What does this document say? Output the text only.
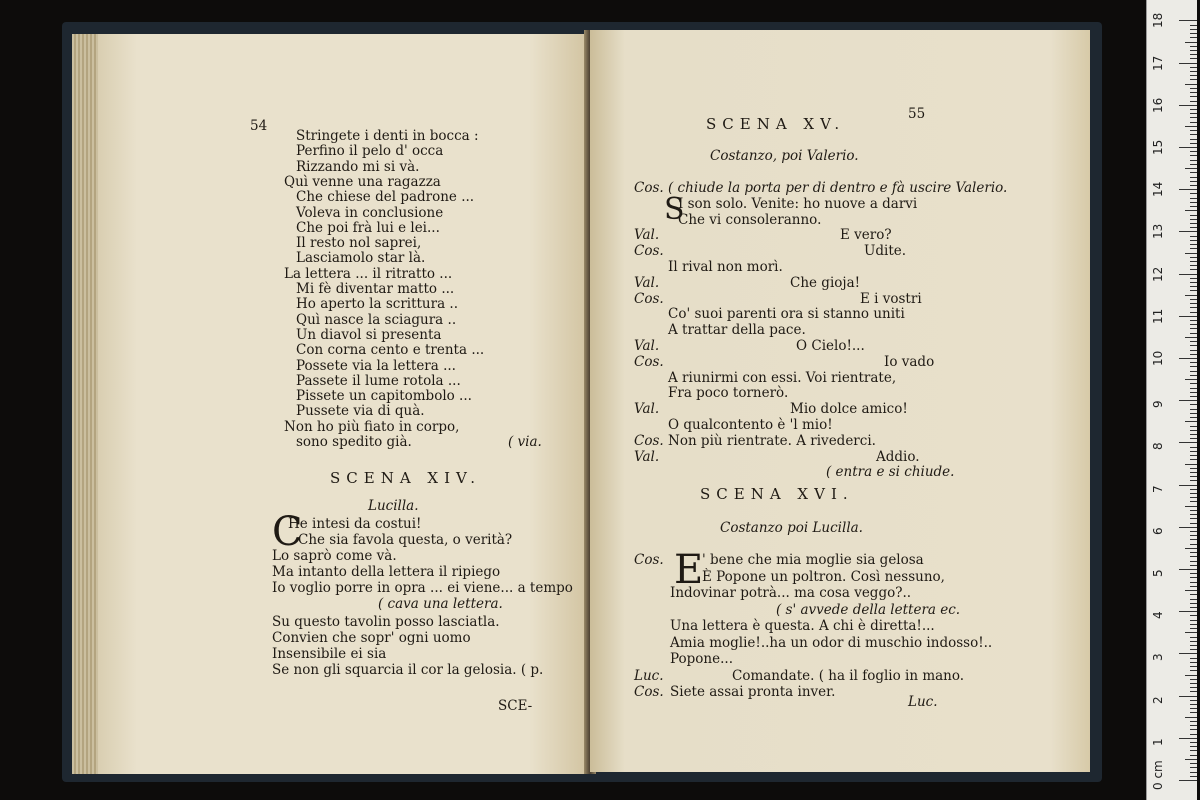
54
Stringete i denti in bocca :
Perfino il pelo d' occa
Rizzando mi si và.
Quì venne una ragazza
Che chiese del padrone ...
Voleva in conclusione
Che poi frà lui e lei...
Il resto nol saprei,
Lasciamolo star là.
La lettera ... il ritratto ...
Mi fè diventar matto ...
Ho aperto la scrittura ..
Quì nasce la sciagura ..
Un diavol si presenta
Con corna cento e trenta ...
Possete via la lettera ...
Passete il lume rotola ...
Pissete un capitombolo ...
Pussete via di quà.
Non ho più fiato in corpo,
sono spedito già.	( via.
SCENA XIV.
Lucilla.
C
He intesi da costui!
Che sia favola questa, o verità?
Lo saprò come và.
Ma intanto della lettera il ripiego
Io voglio porre in opra ... ei viene... a tempo
( cava una lettera.
Su questo tavolin posso lasciatla.
Convien che sopr' ogni uomo
Insensibile ei sia
Se non gli squarcia il cor la gelosia. ( p.
SCE-
SCENA XV.
55
Costanzo, poi Valerio.
S
Cos. ( chiude la porta per di dentro e fà uscire Valerio.
I son solo. Venite: ho nuove a darvi
Che vi consoleranno.
Val.	E vero?
Cos.	Udite.
Il rival non morì.
Val.	Che gioja!
Cos.	E i vostri
Co' suoi parenti ora si stanno uniti
A trattar della pace.
Val.	O Cielo!...
Cos.	Io vado
A riunirmi con essi. Voi rientrate,
Fra poco tornerò.
Val.	Mio dolce amico!
O qualcontento è 'l mio!
Cos. Non più rientrate. A rivederci.
Val.	Addio.
( entra e si chiude.
SCENA XVI.
Costanzo poi Lucilla.
E
Cos.	' bene che mia moglie sia gelosa
È Popone un poltron. Così nessuno,
Indovinar potrà... ma cosa veggo?..
( s' avvede della lettera ec.
Una lettera è questa. A chi è diretta!...
Amia moglie!..ha un odor di muschio indosso!..
Popone...
Luc.	Comandate. ( ha il foglio in mano.
Cos. Siete assai pronta inver.
Luc.
0 cm
1
2
3
4
5
6
7
8
9
10
11
12
13
14
15
16
17
18
